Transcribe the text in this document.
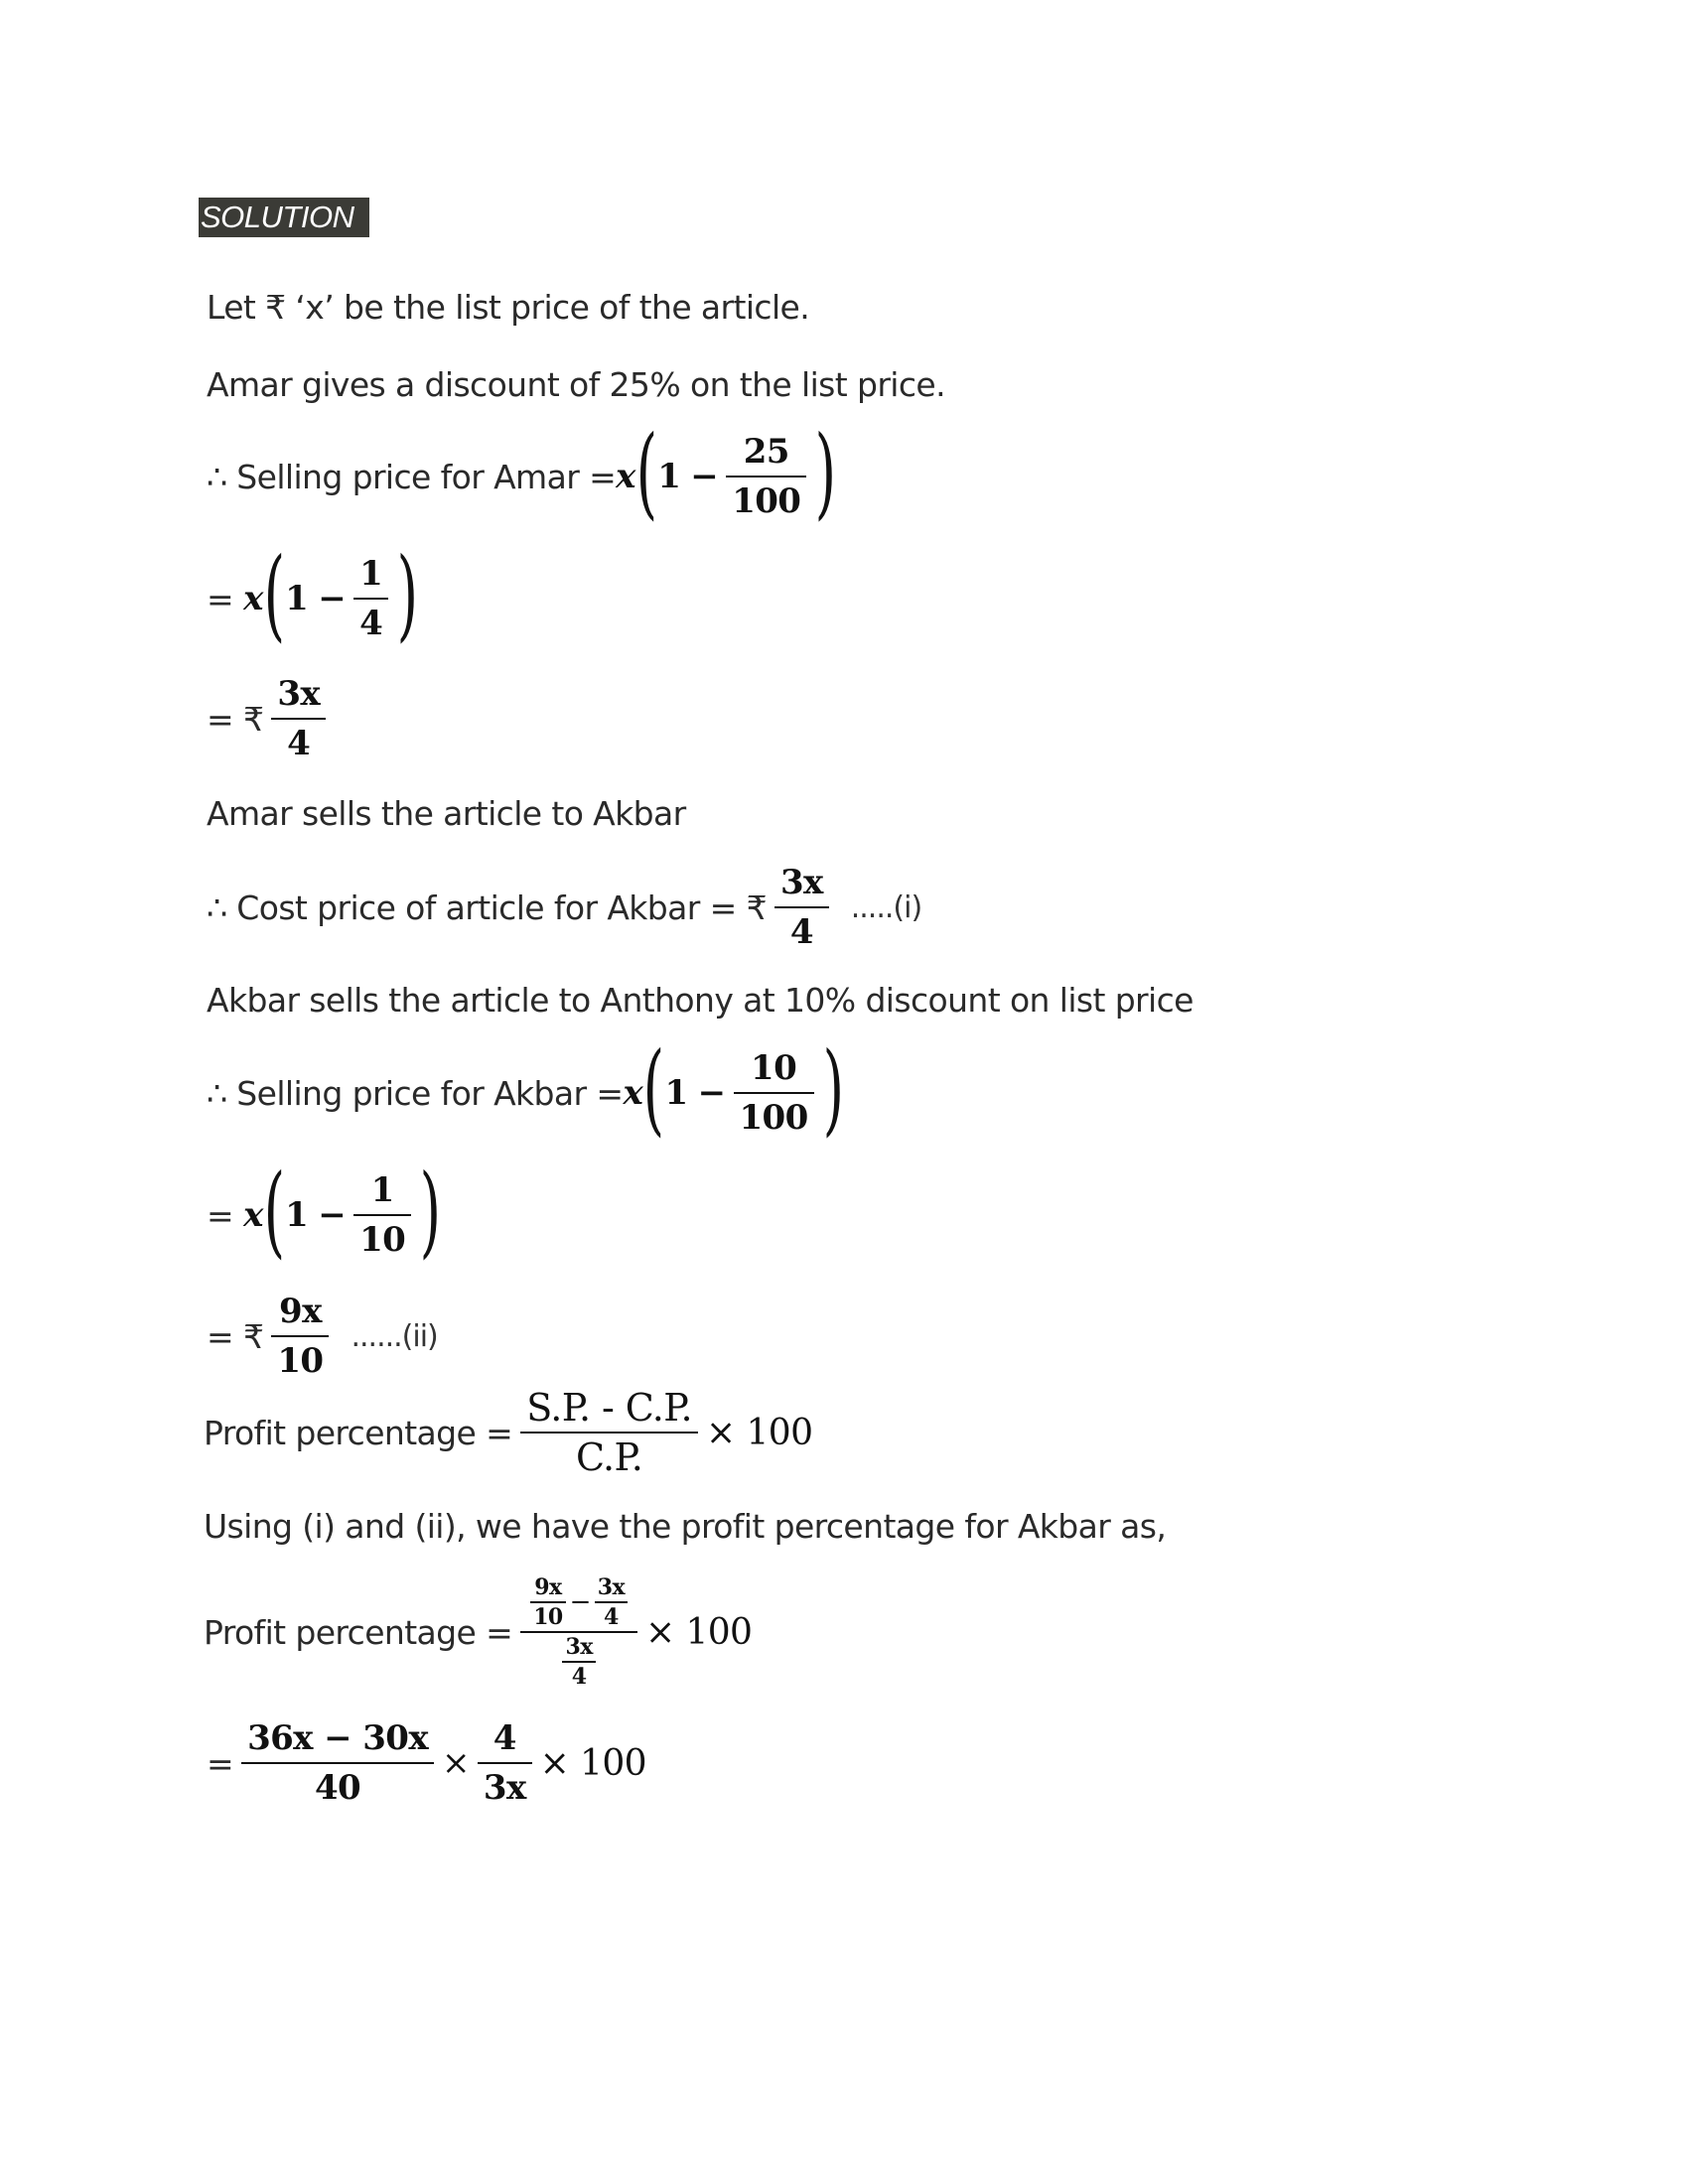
SOLUTION
Let ₹ ‘x’ be the list price of the article.
Amar gives a discount of 25% on the list price.
∴ Selling price for Amar = x ( $1 - \frac{25}{100}$ )
= x ( $1 - \frac{1}{4}$ )
= ₹ $\frac{3x}{4}$
Amar sells the article to Akbar
∴ Cost price of article for Akbar = ₹ $\frac{3x}{4} .....(i)$
Akbar sells the article to Anthony at 10% discount on list price
∴ Selling price for Akbar = x ( $1 - \frac{10}{100}$ )
= x ( $1 - \frac{1}{10}$ )
= ₹ $\frac{9x}{10} ......(ii)$
Profit percentage = $\frac{S.P. - C.P.}{C.P.} \times 100$
Using (i) and (ii), we have the profit percentage for Akbar as,
Profit percentage = $\frac{\frac{9x}{10} - \frac{3x}{4}}{\frac{3x}{4}} \times 100$
= $\frac{36x - 30x}{40} \times \frac{4}{3x} \times 100$
